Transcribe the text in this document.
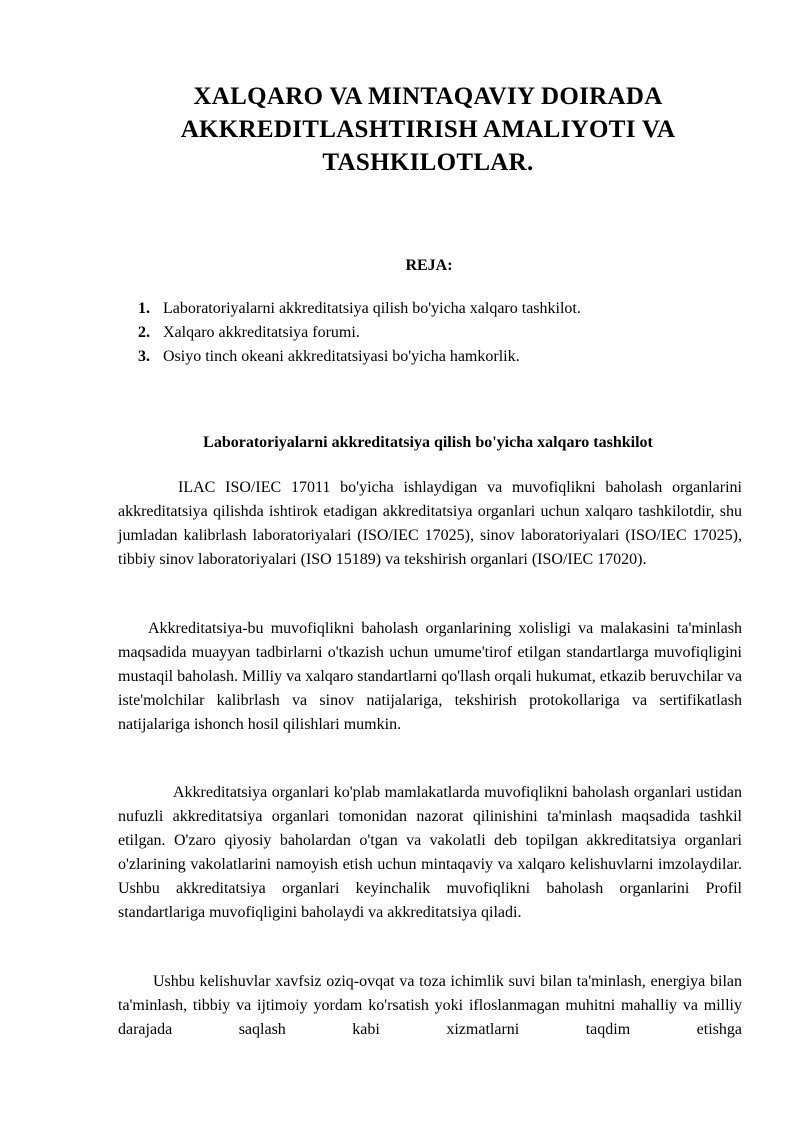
XALQARO VA MINTAQAVIY DOIRADA
AKKREDITLASHTIRISH AMALIYOTI VA
TASHKILOTLAR.
REJA:
1. Laboratoriyalarni akkreditatsiya qilish bo'yicha xalqaro tashkilot.
2. Xalqaro akkreditatsiya forumi.
3. Osiyo tinch okeani akkreditatsiyasi bo'yicha hamkorlik.
Laboratoriyalarni akkreditatsiya qilish bo'yicha xalqaro tashkilot

ILAC ISO/IEC 17011 bo'yicha ishlaydigan va muvofiqlikni baholash organlarini akkreditatsiya qilishda ishtirok etadigan akkreditatsiya organlari uchun xalqaro tashkilotdir, shu jumladan kalibrlash laboratoriyalari (ISO/IEC 17025), sinov laboratoriyalari (ISO/IEC 17025), tibbiy sinov laboratoriyalari (ISO 15189) va tekshirish organlari (ISO/IEC 17020).

Akkreditatsiya-bu muvofiqlikni baholash organlarining xolisligi va malakasini ta'minlash maqsadida muayyan tadbirlarni o'tkazish uchun umume'tirof etilgan standartlarga muvofiqligini mustaqil baholash. Milliy va xalqaro standartlarni qo'llash orqali hukumat, etkazib beruvchilar va iste'molchilar kalibrlash va sinov natijalariga, tekshirish protokollariga va sertifikatlash natijalariga ishonch hosil qilishlari mumkin.

Akkreditatsiya organlari ko'plab mamlakatlarda muvofiqlikni baholash organlari ustidan nufuzli akkreditatsiya organlari tomonidan nazorat qilinishini ta'minlash maqsadida tashkil etilgan. O'zaro qiyosiy baholardan o'tgan va vakolatli deb topilgan akkreditatsiya organlari o'zlarining vakolatlarini namoyish etish uchun mintaqaviy va xalqaro kelishuvlarni imzolaydilar. Ushbu akkreditatsiya organlari keyinchalik muvofiqlikni baholash organlarini Profil standartlariga muvofiqligini baholaydi va akkreditatsiya qiladi.

Ushbu kelishuvlar xavfsiz oziq-ovqat va toza ichimlik suvi bilan ta'minlash, energiya bilan ta'minlash, tibbiy va ijtimoiy yordam ko'rsatish yoki ifloslanmagan muhitni mahalliy va milliy darajada saqlash kabi xizmatlarni taqdim etishga
